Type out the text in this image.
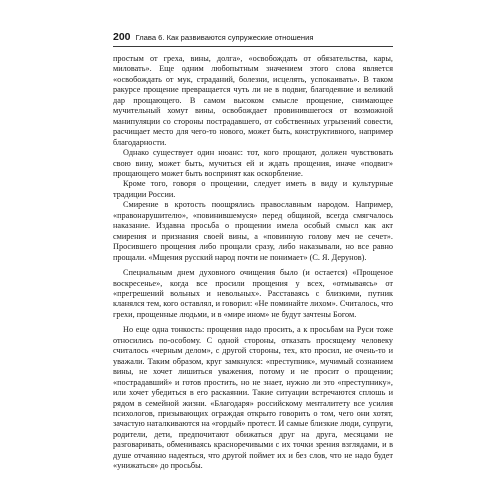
200 Глава 6. Как развиваются супружеские отношения

простым от греха, вины, долга», «освобождать от обязательства, кары, миловать». Еще одним любопытным значением этого слова является «освобождать от мук, страданий, болезни, исцелять, успокаивать». В таком ракурсе прощение превращается чуть ли не в подвиг, благодеяние и великий дар прощающего. В самом высоком смысле прощение, снимающее мучительный хомут вины, освобождает провинившегося от возможной манипуляции со стороны пострадавшего, от собственных угрызений совести, расчищает место для чего-то нового, может быть, конструктивного, например благодарности.

Однако существует один нюанс: тот, кого прощают, должен чувствовать свою вину, может быть, мучиться ей и ждать прощения, иначе «подвиг» прощающего может быть воспринят как оскорбление.

Кроме того, говоря о прощении, следует иметь в виду и культурные традиции России.

Смирение в кротость поощрялись православным народом. Например, «правонарушителю», «повинившемуся» перед общиной, всегда смягчалось наказание. Издавна просьба о прощении имела особый смысл как акт смирения и признания своей вины, а «повинную голову меч не сечет». Просившего прощения либо прощали сразу, либо наказывали, но все равно прощали. «Мщения русский народ почти не понимает» (С. Я. Дерунов).

Специальным днем духовного очищения было (и остается) «Прощеное воскресенье», когда все просили прощения у всех, «отмываясь» от «прегрешений вольных и невольных». Расставаясь с близкими, путник кланялся тем, кого оставлял, и говорил: «Не поминайте лихом». Считалось, что грехи, прощенные людьми, и в «мире ином» не будут зачтены Богом.

Но еще одна тонкость: прощения надо просить, а к просьбам на Руси тоже относились по-особому. С одной стороны, отказать просящему человеку считалось «черным делом», с другой стороны, тех, кто просил, не очень-то и уважали. Таким образом, круг замкнулся: «преступник», мучимый сознанием вины, не хочет лишиться уважения, потому и не просит о прощении; «пострадавший» и готов простить, но не знает, нужно ли это «преступнику», или хочет убедиться в его раскаянии. Такие ситуации встречаются сплошь и рядом в семейной жизни. «Благодаря» российскому менталитету все усилия психологов, призывающих ограждая открыто говорить о том, чего они хотят, зачастую наталкиваются на «гордый» протест. И самые близкие люди, супруги, родители, дети, предпочитают обижаться друг на друга, месяцами не разговаривать, обмениваясь красноречивыми с их точки зрения взглядами, и в душе отчаянно надеяться, что другой поймет их и без слов, что не надо будет «унижаться» до просьбы.
